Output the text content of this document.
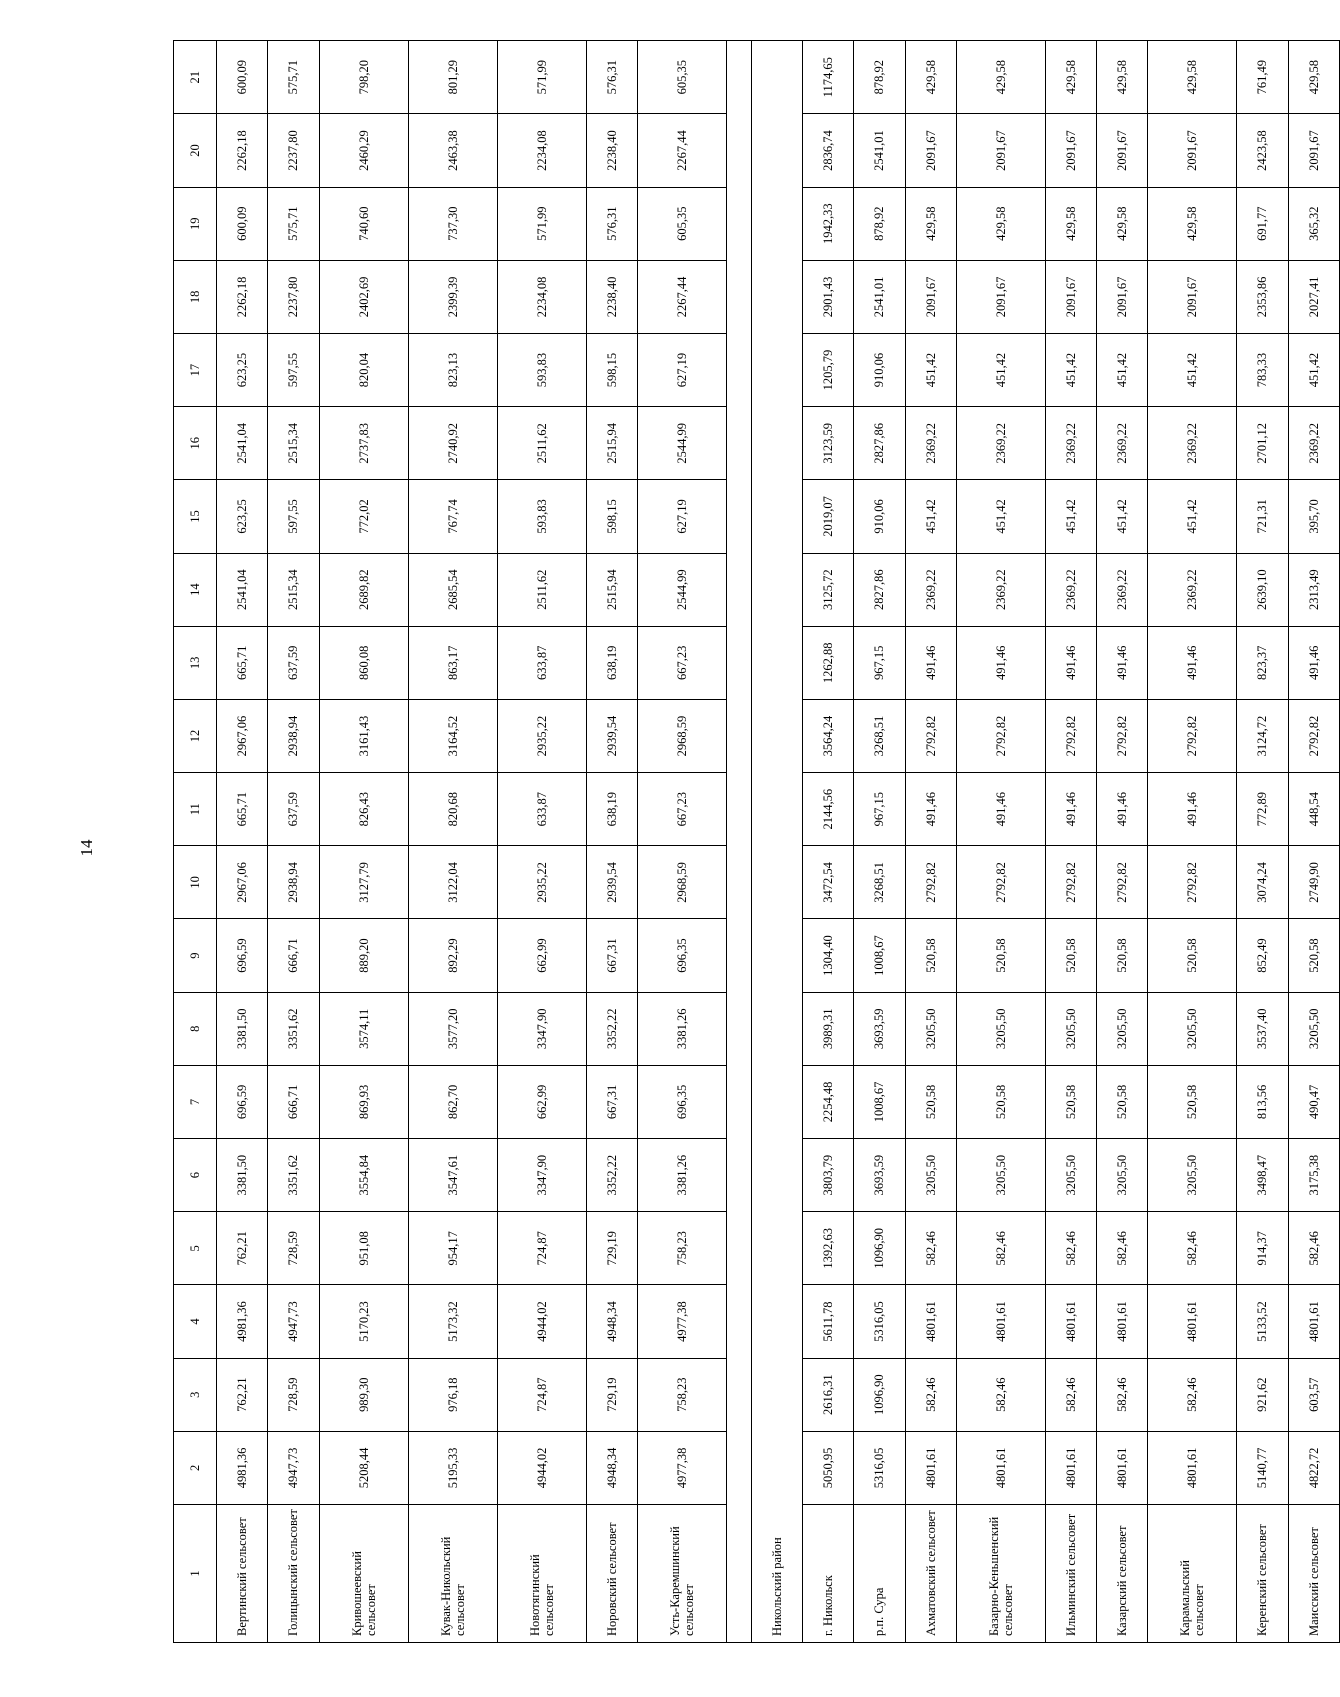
14
1	2	3	4	5	6	7	8	9	10	11	12	13	14	15	16	17	18	19	20	21
Вертинский сельсовет	4981,36	762,21	4981,36	762,21	3381,50	696,59	3381,50	696,59	2967,06	665,71	2967,06	665,71	2541,04	623,25	2541,04	623,25	2262,18	600,09	2262,18	600,09
Голицынский сельсовет	4947,73	728,59	4947,73	728,59	3351,62	666,71	3351,62	666,71	2938,94	637,59	2938,94	637,59	2515,34	597,55	2515,34	597,55	2237,80	575,71	2237,80	575,71
Кривошеевский сельсовет	5208,44	989,30	5170,23	951,08	3554,84	869,93	3574,11	889,20	3127,79	826,43	3161,43	860,08	2689,82	772,02	2737,83	820,04	2402,69	740,60	2460,29	798,20
Кувак-Никольский сельсовет	5195,33	976,18	5173,32	954,17	3547,61	862,70	3577,20	892,29	3122,04	820,68	3164,52	863,17	2685,54	767,74	2740,92	823,13	2399,39	737,30	2463,38	801,29
Новотягинский сельсовет	4944,02	724,87	4944,02	724,87	3347,90	662,99	3347,90	662,99	2935,22	633,87	2935,22	633,87	2511,62	593,83	2511,62	593,83	2234,08	571,99	2234,08	571,99
Норовский сельсовет	4948,34	729,19	4948,34	729,19	3352,22	667,31	3352,22	667,31	2939,54	638,19	2939,54	638,19	2515,94	598,15	2515,94	598,15	2238,40	576,31	2238,40	576,31
Усть-Каремшинский сельсовет	4977,38	758,23	4977,38	758,23	3381,26	696,35	3381,26	696,35	2968,59	667,23	2968,59	667,23	2544,99	627,19	2544,99	627,19	2267,44	605,35	2267,44	605,35

Никольский район																				
г. Никольск	5050,95	2616,31	5611,78	1392,63	3803,79	2254,48	3989,31	1304,40	3472,54	2144,56	3564,24	1262,88	3125,72	2019,07	3123,59	1205,79	2901,43	1942,33	2836,74	1174,65
р.п. Сура	5316,05	1096,90	5316,05	1096,90	3693,59	1008,67	3693,59	1008,67	3268,51	967,15	3268,51	967,15	2827,86	910,06	2827,86	910,06	2541,01	878,92	2541,01	878,92
Ахматовский сельсовет	4801,61	582,46	4801,61	582,46	3205,50	520,58	3205,50	520,58	2792,82	491,46	2792,82	491,46	2369,22	451,42	2369,22	451,42	2091,67	429,58	2091,67	429,58
Базарно-Кеньшенский сельсовет	4801,61	582,46	4801,61	582,46	3205,50	520,58	3205,50	520,58	2792,82	491,46	2792,82	491,46	2369,22	451,42	2369,22	451,42	2091,67	429,58	2091,67	429,58
Ильминский сельсовет	4801,61	582,46	4801,61	582,46	3205,50	520,58	3205,50	520,58	2792,82	491,46	2792,82	491,46	2369,22	451,42	2369,22	451,42	2091,67	429,58	2091,67	429,58
Казарский сельсовет	4801,61	582,46	4801,61	582,46	3205,50	520,58	3205,50	520,58	2792,82	491,46	2792,82	491,46	2369,22	451,42	2369,22	451,42	2091,67	429,58	2091,67	429,58
Карамальский сельсовет	4801,61	582,46	4801,61	582,46	3205,50	520,58	3205,50	520,58	2792,82	491,46	2792,82	491,46	2369,22	451,42	2369,22	451,42	2091,67	429,58	2091,67	429,58
Керенский сельсовет	5140,77	921,62	5133,52	914,37	3498,47	813,56	3537,40	852,49	3074,24	772,89	3124,72	823,37	2639,10	721,31	2701,12	783,33	2353,86	691,77	2423,58	761,49
Маисский сельсовет	4822,72	603,57	4801,61	582,46	3175,38	490,47	3205,50	520,58	2749,90	448,54	2792,82	491,46	2313,49	395,70	2369,22	451,42	2027,41	365,32	2091,67	429,58
